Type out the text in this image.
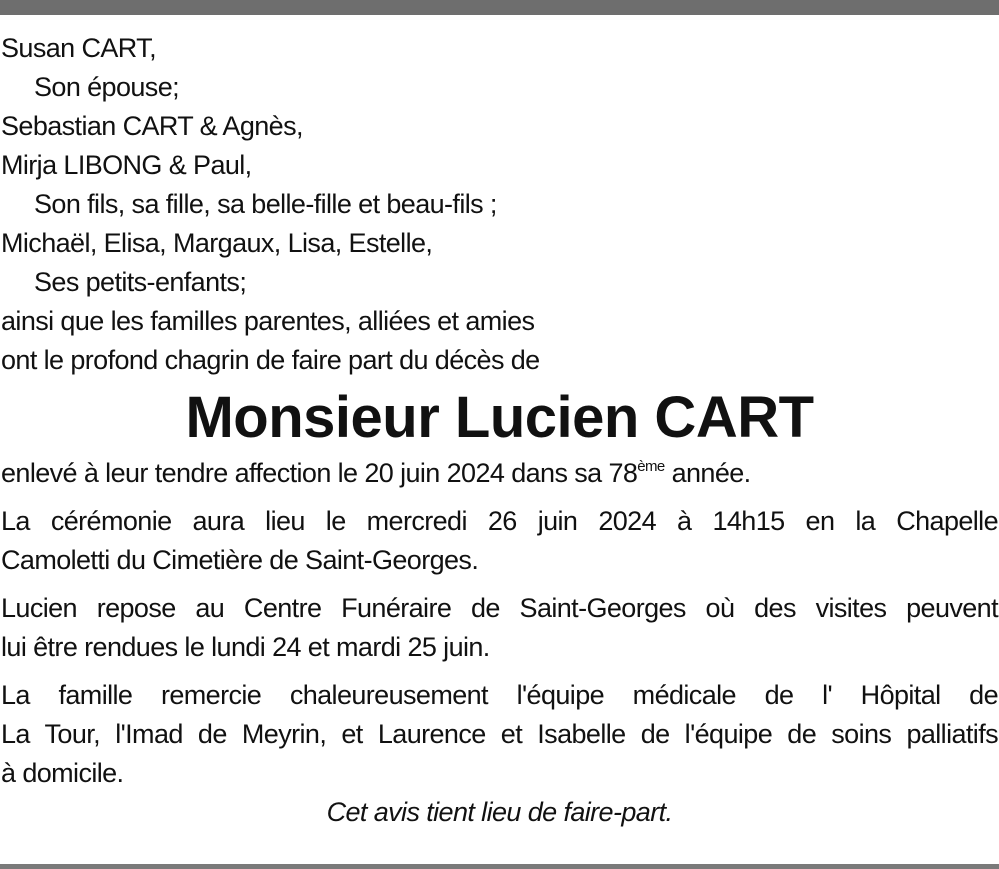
Susan CART,
Son épouse;
Sebastian CART & Agnès,
Mirja LIBONG & Paul,
Son fils, sa fille, sa belle-fille et beau-fils ;
Michaël, Elisa, Margaux, Lisa, Estelle,
Ses petits-enfants;
ainsi que les familles parentes, alliées et amies
ont le profond chagrin de faire part du décès de
Monsieur Lucien CART
enlevé à leur tendre affection le 20 juin 2024 dans sa 78ème année.
La cérémonie aura lieu le mercredi 26 juin 2024 à 14h15 en la Chapelle
Camoletti du Cimetière de Saint-Georges.
Lucien repose au Centre Funéraire de Saint-Georges où des visites peuvent
lui être rendues le lundi 24 et mardi 25 juin.
La famille remercie chaleureusement l'équipe médicale de l' Hôpital de
La Tour, l'Imad de Meyrin, et Laurence et Isabelle de l'équipe de soins palliatifs
à domicile.
Cet avis tient lieu de faire-part.
